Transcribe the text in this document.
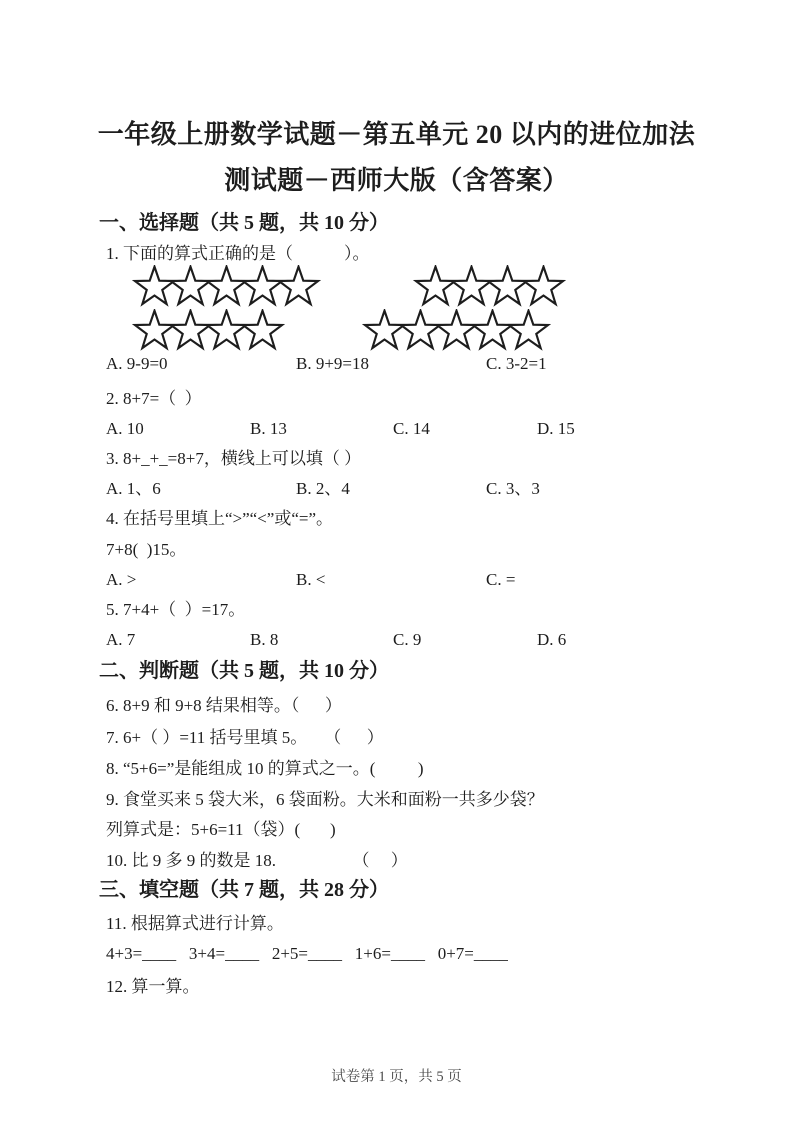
一年级上册数学试题－第五单元 20 以内的进位加法 测试题－西师大版（含答案）
一、选择题（共 5 题，共 10 分）
1. 下面的算式正确的是（            ）。
A. 9-9=0	B. 9+9=18	C. 3-2=1
2. 8+7=（  ）
A. 10	B. 13	C. 14	D. 15
3. 8+_+_=8+7，横线上可以填（ ）
A. 1、6	B. 2、4	C. 3、3
4. 在括号里填上“>”“<”或“=”。
7+8(  )15。
A. >	B. <	C. =
5. 7+4+（  ）=17。
A. 7	B. 8	C. 9	D. 6
二、判断题（共 5 题，共 10 分）
6. 8+9 和 9+8 结果相等。（      ）
7. 6+（ ）=11 括号里填 5。    （      ）
8. “5+6=”是能组成 10 的算式之一。(          )
9. 食堂买来 5 袋大米，6 袋面粉。大米和面粉一共多少袋？
列算式是：5+6=11（袋）(       )
10. 比 9 多 9 的数是 18.                  （     ）
三、填空题（共 7 题，共 28 分）
11. 根据算式进行计算。
4+3=____   3+4=____   2+5=____   1+6=____   0+7=____
12. 算一算。
试卷第 1 页，共 5 页
